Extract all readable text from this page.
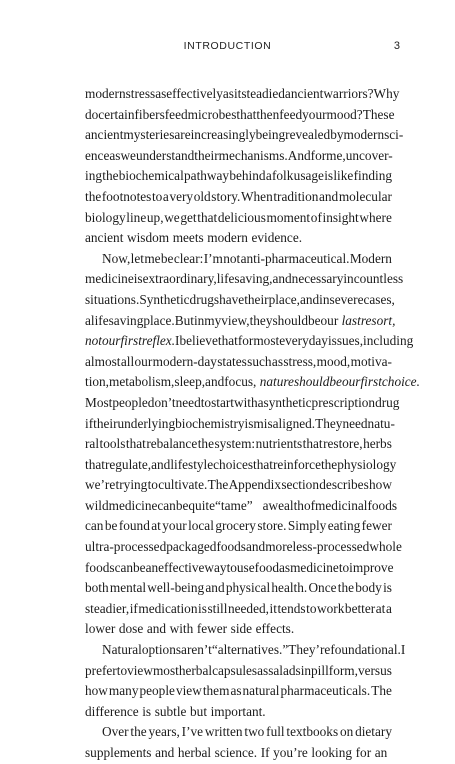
INTRODUCTION	3
modern stress as effectively as it steadied ancient warriors? Why
do certain fibers feed microbes that then feed your mood? These
ancient mysteries are increasingly being revealed by modern sci-
ence as we understand their mechanisms. And for me, uncover-
ing the biochemical pathway behind a folk usage is like finding
the footnotes to a very old story. When tradition and molecular
biology line up, we get that delicious moment of insight where
ancient wisdom meets modern evidence.
Now, let me be clear: I’m not anti-pharmaceutical. Modern
medicine is extraordinary, lifesaving, and necessary in countless
situations. Synthetic drugs have their place, and in severe cases,
a lifesaving place. But in my view, they should be our last resort,
not our first reflex. I believe that for most everyday issues, including
almost all our modern-day states such as stress, mood, motiva-
tion, metabolism, sleep, and focus, nature should be our first choice.
Most people don’t need to start with a synthetic prescription drug
if their underlying biochemistry is misaligned. They need natu-
ral tools that rebalance the system: nutrients that restore, herbs
that regulate, and lifestyle choices that reinforce the physiology
we’re trying to cultivate. The Appendix section describes how
wild medicine can be quite “tame” a wealth of medicinal foods
can be found at your local grocery store. Simply eating fewer
ultra-processed packaged foods and more less-processed whole
foods can be an effective way to use food as medicine to improve
both mental well-being and physical health. Once the body is
steadier, if medication is still needed, it tends to work better at a
lower dose and with fewer side effects.
Natural options aren’t “alternatives.” They’re foundational. I
prefer to view most herbal capsules as salads in pill form, versus
how many people view them as natural pharmaceuticals. The
difference is subtle but important.
Over the years, I’ve written two full textbooks on dietary
supplements and herbal science. If you’re looking for an
